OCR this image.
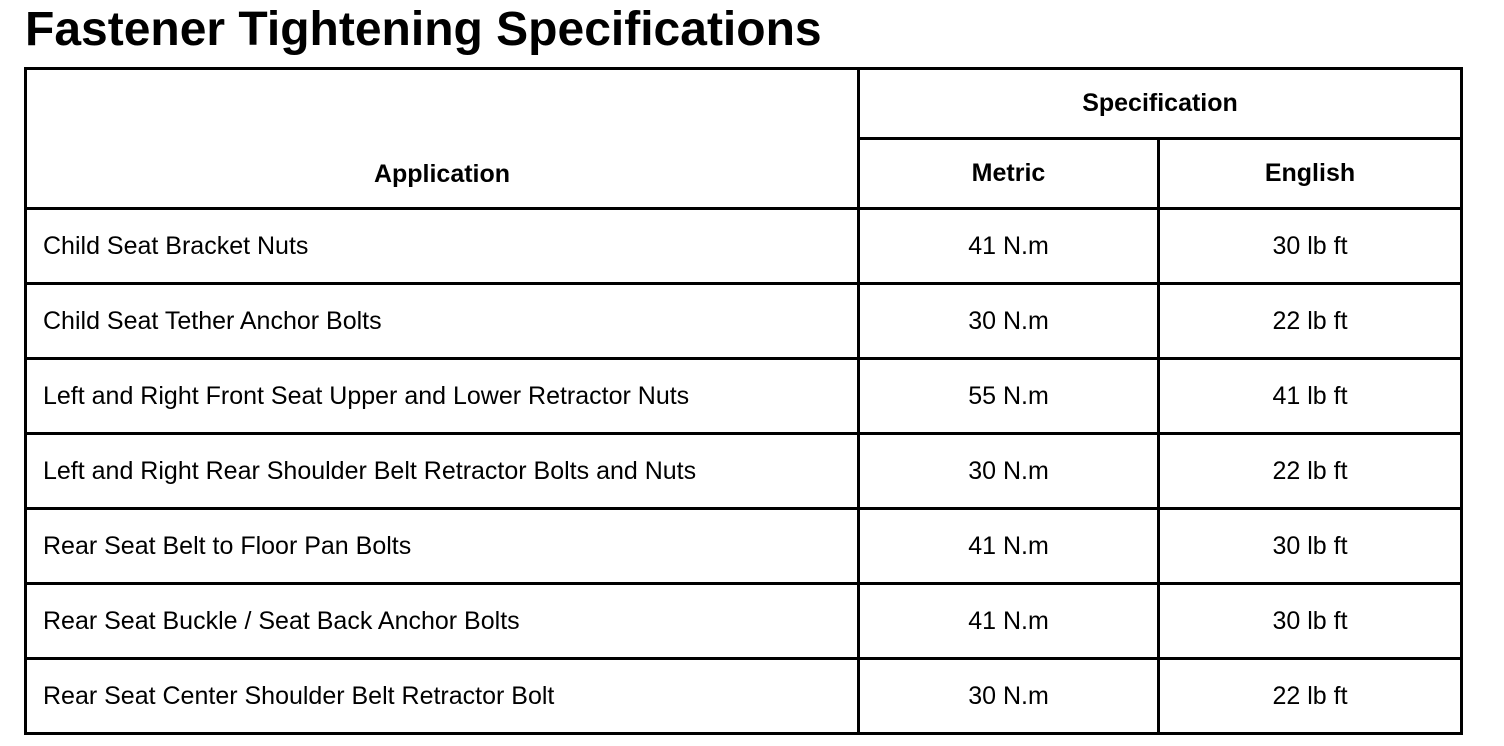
Fastener Tightening Specifications
Application	Specification	
	Metric	English
Child Seat Bracket Nuts	41 N.m	30 lb ft
Child Seat Tether Anchor Bolts	30 N.m	22 lb ft
Left and Right Front Seat Upper and Lower Retractor Nuts	55 N.m	41 lb ft
Left and Right Rear Shoulder Belt Retractor Bolts and Nuts	30 N.m	22 lb ft
Rear Seat Belt to Floor Pan Bolts	41 N.m	30 lb ft
Rear Seat Buckle / Seat Back Anchor Bolts	41 N.m	30 lb ft
Rear Seat Center Shoulder Belt Retractor Bolt	30 N.m	22 lb ft
